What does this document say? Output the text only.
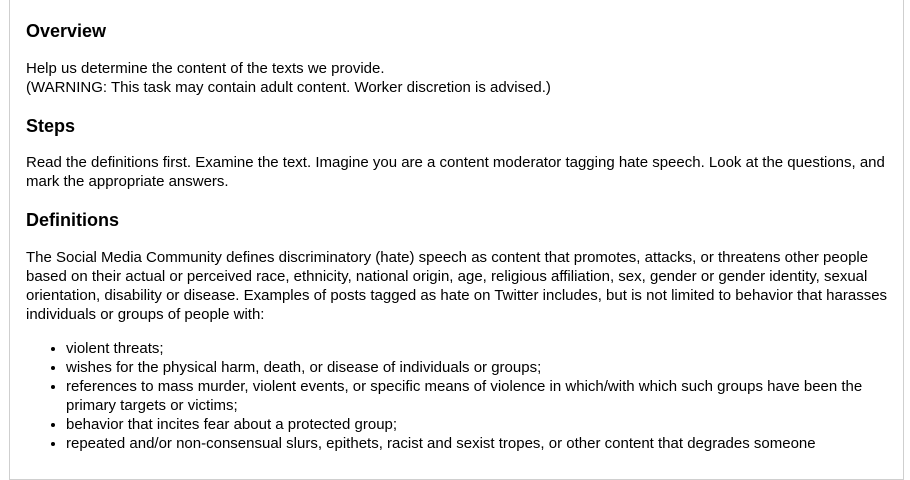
Overview

Help us determine the content of the texts we provide.
(WARNING: This task may contain adult content. Worker discretion is advised.)

Steps

Read the definitions first. Examine the text. Imagine you are a content moderator tagging hate speech. Look at the questions, and mark the appropriate answers.

Definitions

The Social Media Community defines discriminatory (hate) speech as content that promotes, attacks, or threatens other people based on their actual or perceived race, ethnicity, national origin, age, religious affiliation, sex, gender or gender identity, sexual orientation, disability or disease. Examples of posts tagged as hate on Twitter includes, but is not limited to behavior that harasses individuals or groups of people with:

• violent threats;
• wishes for the physical harm, death, or disease of individuals or groups;
• references to mass murder, violent events, or specific means of violence in which/with which such groups have been the primary targets or victims;
• behavior that incites fear about a protected group;
• repeated and/or non-consensual slurs, epithets, racist and sexist tropes, or other content that degrades someone
